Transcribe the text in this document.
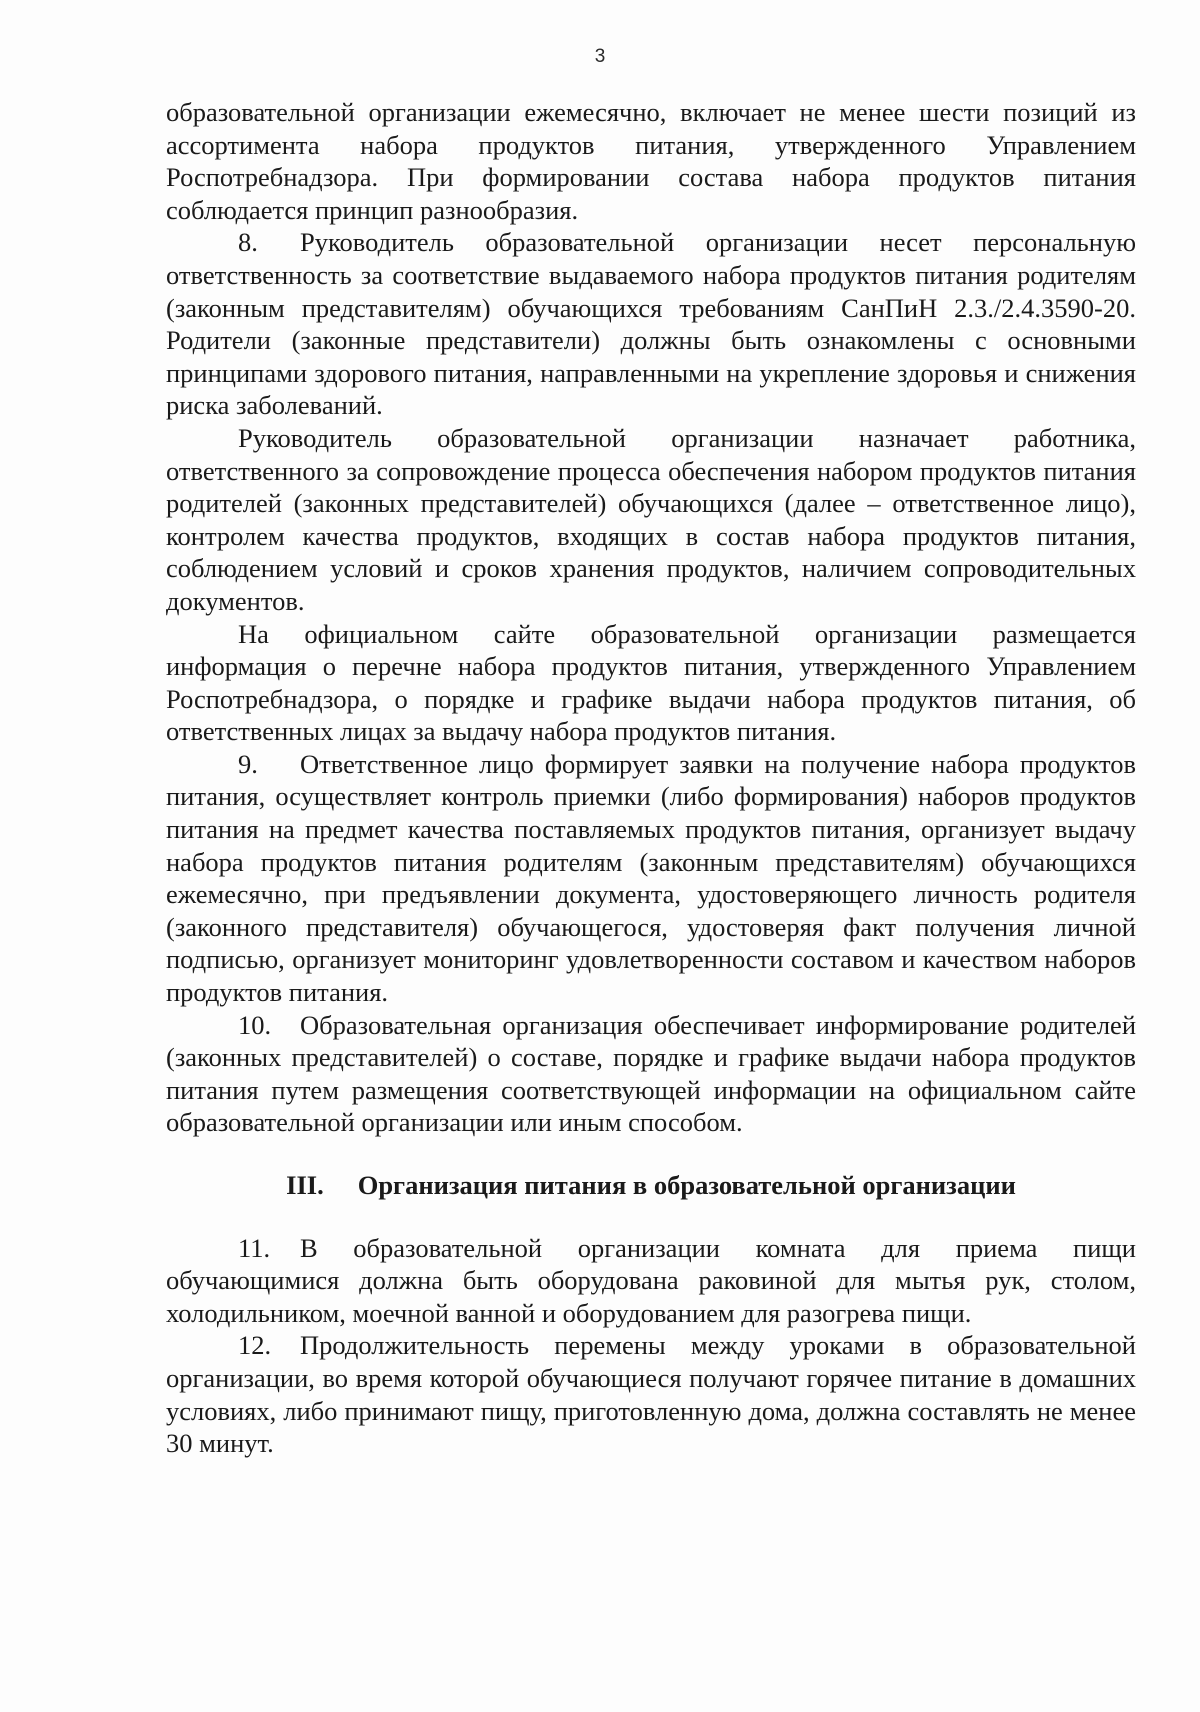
3

образовательной организации ежемесячно, включает не менее шести позиций из ассортимента набора продуктов питания, утвержденного Управлением Роспотребнадзора. При формировании состава набора продуктов питания соблюдается принцип разнообразия.

8. Руководитель образовательной организации несет персональную ответственность за соответствие выдаваемого набора продуктов питания родителям (законным представителям) обучающихся требованиям СанПиН 2.3./2.4.3590-20. Родители (законные представители) должны быть ознакомлены с основными принципами здорового питания, направленными на укрепление здоровья и снижения риска заболеваний.

Руководитель образовательной организации назначает работника, ответственного за сопровождение процесса обеспечения набором продуктов питания родителей (законных представителей) обучающихся (далее – ответственное лицо), контролем качества продуктов, входящих в состав набора продуктов питания, соблюдением условий и сроков хранения продуктов, наличием сопроводительных документов.

На официальном сайте образовательной организации размещается информация о перечне набора продуктов питания, утвержденного Управлением Роспотребнадзора, о порядке и графике выдачи набора продуктов питания, об ответственных лицах за выдачу набора продуктов питания.

9. Ответственное лицо формирует заявки на получение набора продуктов питания, осуществляет контроль приемки (либо формирования) наборов продуктов питания на предмет качества поставляемых продуктов питания, организует выдачу набора продуктов питания родителям (законным представителям) обучающихся ежемесячно, при предъявлении документа, удостоверяющего личность родителя (законного представителя) обучающегося, удостоверяя факт получения личной подписью, организует мониторинг удовлетворенности составом и качеством наборов продуктов питания.

10. Образовательная организация обеспечивает информирование родителей (законных представителей) о составе, порядке и графике выдачи набора продуктов питания путем размещения соответствующей информации на официальном сайте образовательной организации или иным способом.

III. Организация питания в образовательной организации

11. В образовательной организации комната для приема пищи обучающимися должна быть оборудована раковиной для мытья рук, столом, холодильником, моечной ванной и оборудованием для разогрева пищи.

12. Продолжительность перемены между уроками в образовательной организации, во время которой обучающиеся получают горячее питание в домашних условиях, либо принимают пищу, приготовленную дома, должна составлять не менее 30 минут.
